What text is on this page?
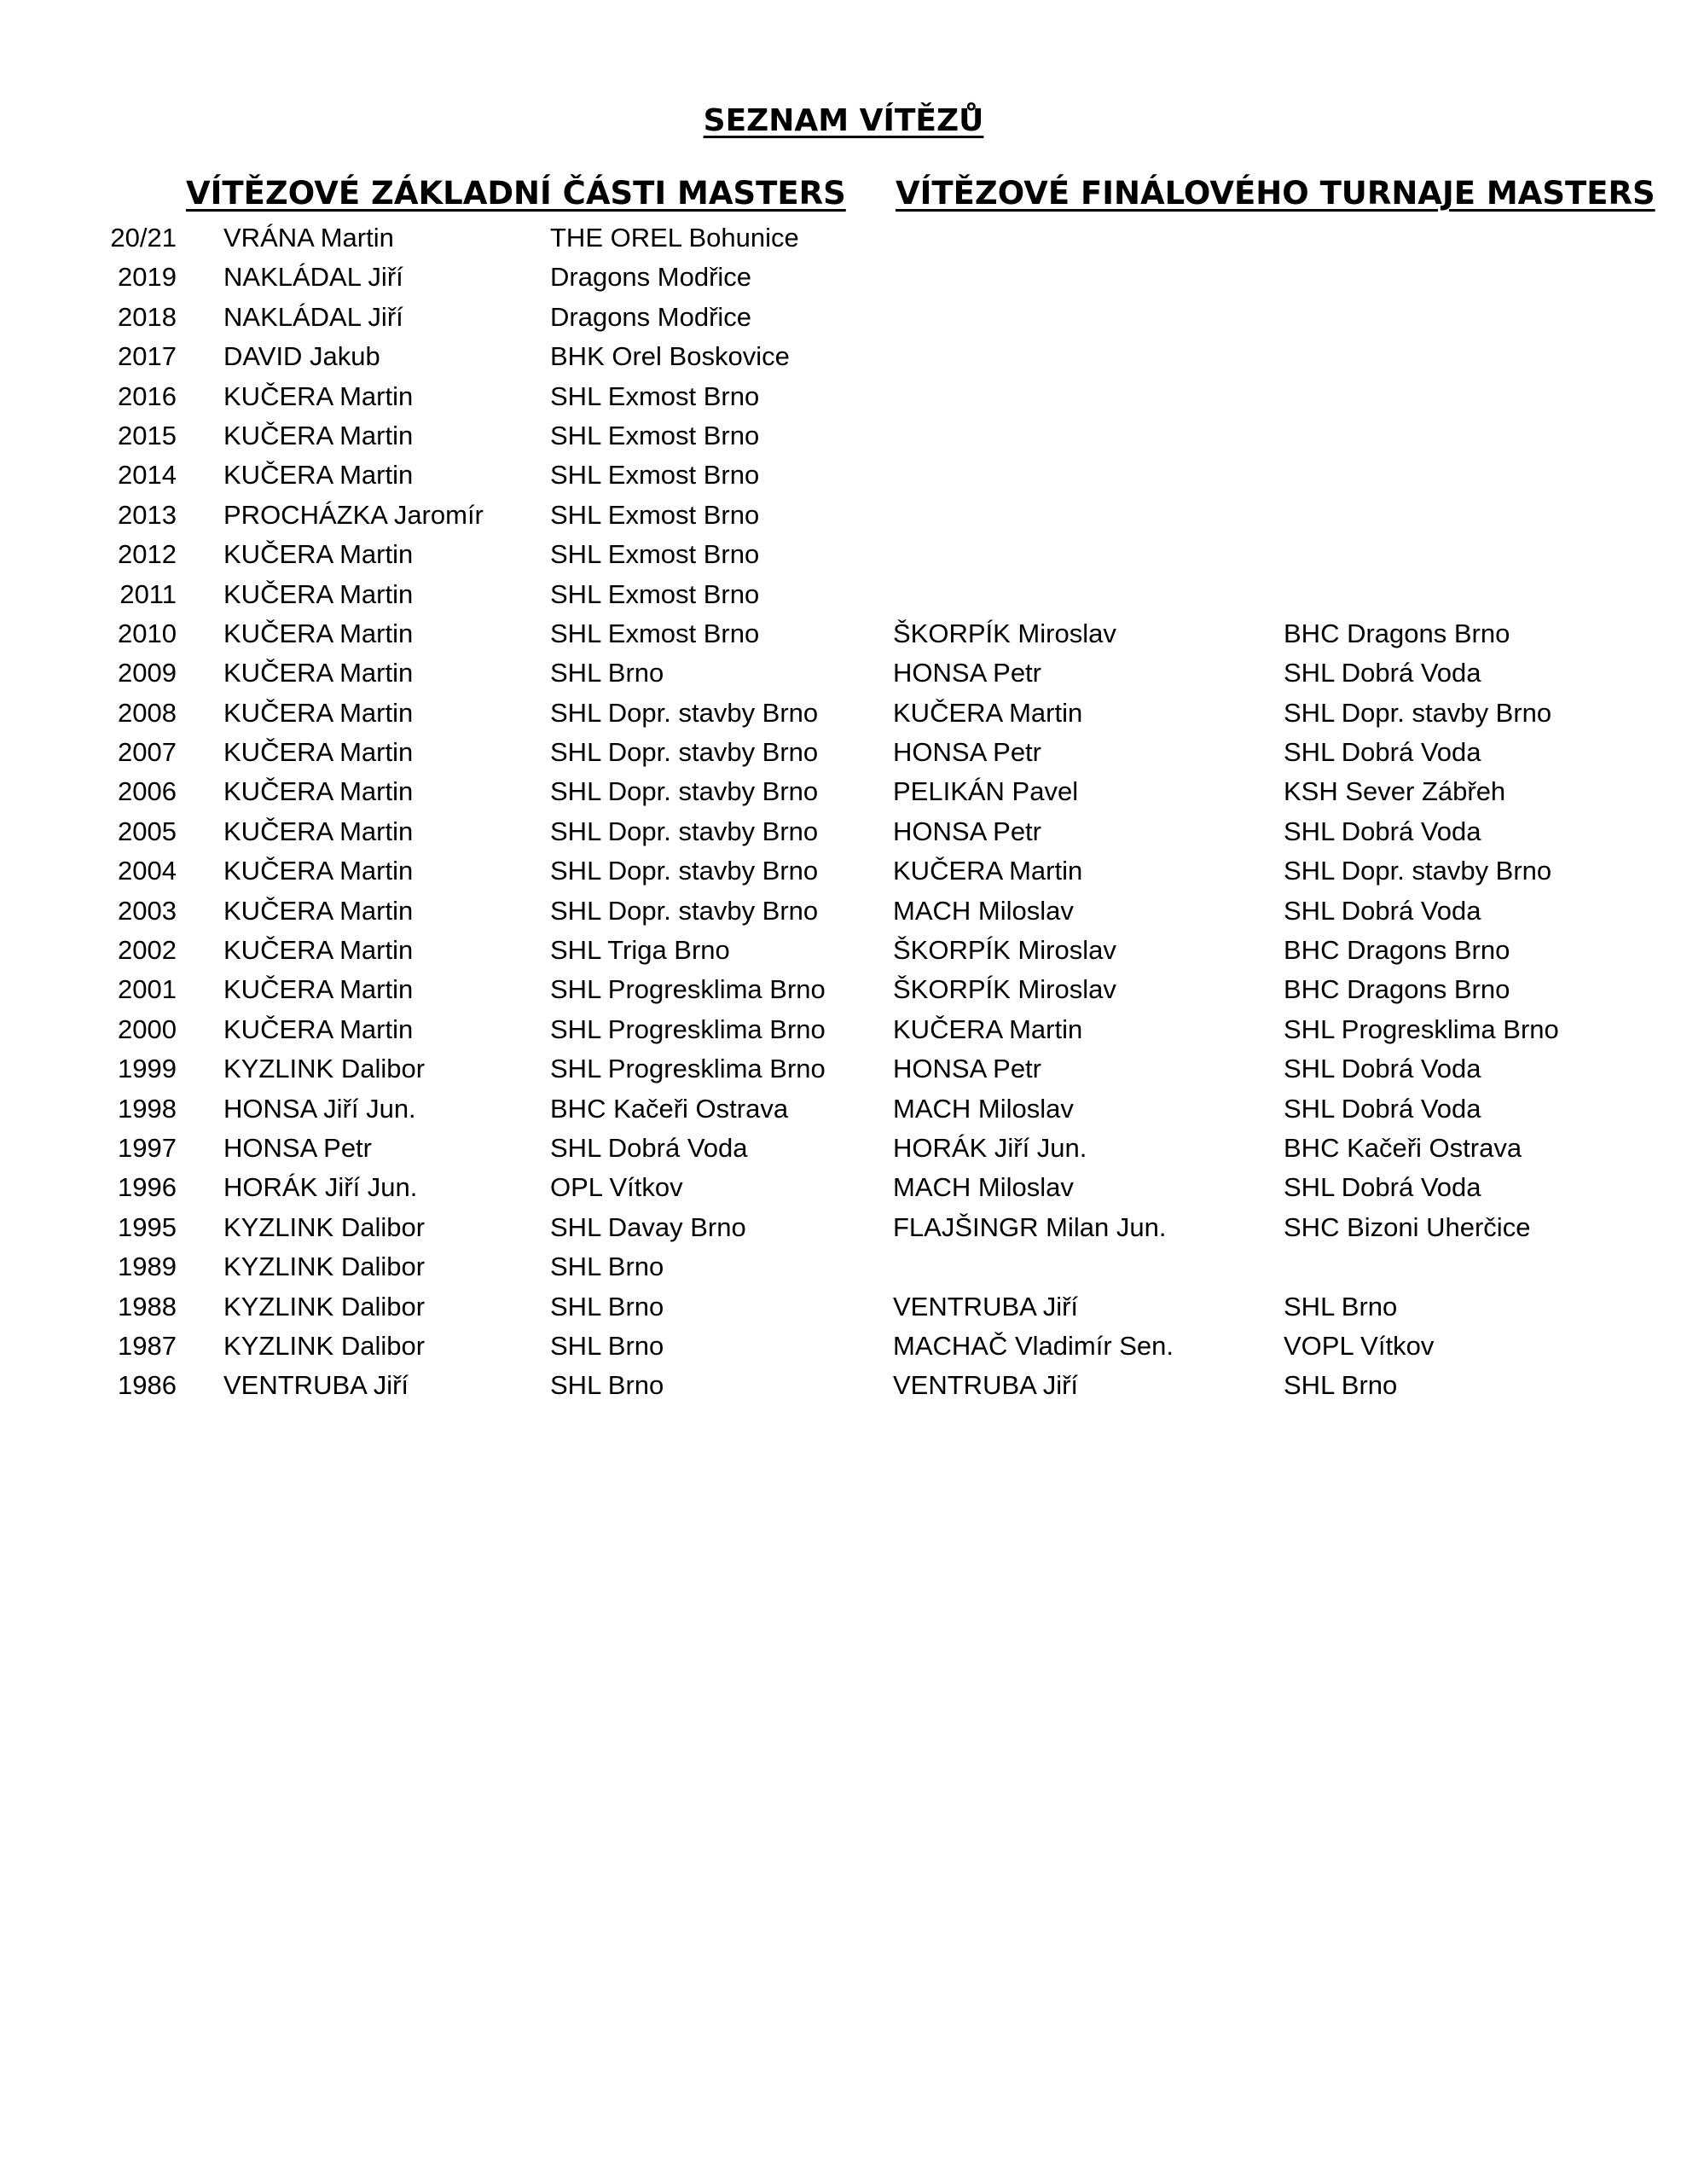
SEZNAM VÍTĚZŮ
VÍTĚZOVÉ ZÁKLADNÍ ČÁSTI MASTERS VÍTĚZOVÉ FINÁLOVÉHO TURNAJE MASTERS
20/21 VRÁNA Martin	THE OREL Bohunice
2019 NAKLÁDAL Jiří	Dragons Modřice
2018 NAKLÁDAL Jiří	Dragons Modřice
2017 DAVID Jakub	BHK Orel Boskovice
2016 KUČERA Martin	SHL Exmost Brno
2015 KUČERA Martin	SHL Exmost Brno
2014 KUČERA Martin	SHL Exmost Brno
2013 PROCHÁZKA Jaromír	SHL Exmost Brno
2012 KUČERA Martin	SHL Exmost Brno
2011 KUČERA Martin	SHL Exmost Brno
2010 KUČERA Martin	SHL Exmost Brno	ŠKORPÍK Miroslav	BHC Dragons Brno
2009 KUČERA Martin	SHL Brno	HONSA Petr	SHL Dobrá Voda
2008 KUČERA Martin	SHL Dopr. stavby Brno	KUČERA Martin	SHL Dopr. stavby Brno
2007 KUČERA Martin	SHL Dopr. stavby Brno	HONSA Petr	SHL Dobrá Voda
2006 KUČERA Martin	SHL Dopr. stavby Brno	PELIKÁN Pavel	KSH Sever Zábřeh
2005 KUČERA Martin	SHL Dopr. stavby Brno	HONSA Petr	SHL Dobrá Voda
2004 KUČERA Martin	SHL Dopr. stavby Brno	KUČERA Martin	SHL Dopr. stavby Brno
2003 KUČERA Martin	SHL Dopr. stavby Brno	MACH Miloslav	SHL Dobrá Voda
2002 KUČERA Martin	SHL Triga Brno	ŠKORPÍK Miroslav	BHC Dragons Brno
2001 KUČERA Martin	SHL Progresklima Brno	ŠKORPÍK Miroslav	BHC Dragons Brno
2000 KUČERA Martin	SHL Progresklima Brno	KUČERA Martin	SHL Progresklima Brno
1999 KYZLINK Dalibor	SHL Progresklima Brno	HONSA Petr	SHL Dobrá Voda
1998 HONSA Jiří Jun.	BHC Kačeři Ostrava	MACH Miloslav	SHL Dobrá Voda
1997 HONSA Petr	SHL Dobrá Voda	HORÁK Jiří Jun.	BHC Kačeři Ostrava
1996 HORÁK Jiří Jun.	OPL Vítkov	MACH Miloslav	SHL Dobrá Voda
1995 KYZLINK Dalibor	SHL Davay Brno	FLAJŠINGR Milan Jun.	SHC Bizoni Uherčice
1989 KYZLINK Dalibor	SHL Brno
1988 KYZLINK Dalibor	SHL Brno	VENTRUBA Jiří	SHL Brno
1987 KYZLINK Dalibor	SHL Brno	MACHAČ Vladimír Sen.	VOPL Vítkov
1986 VENTRUBA Jiří	SHL Brno	VENTRUBA Jiří	SHL Brno
